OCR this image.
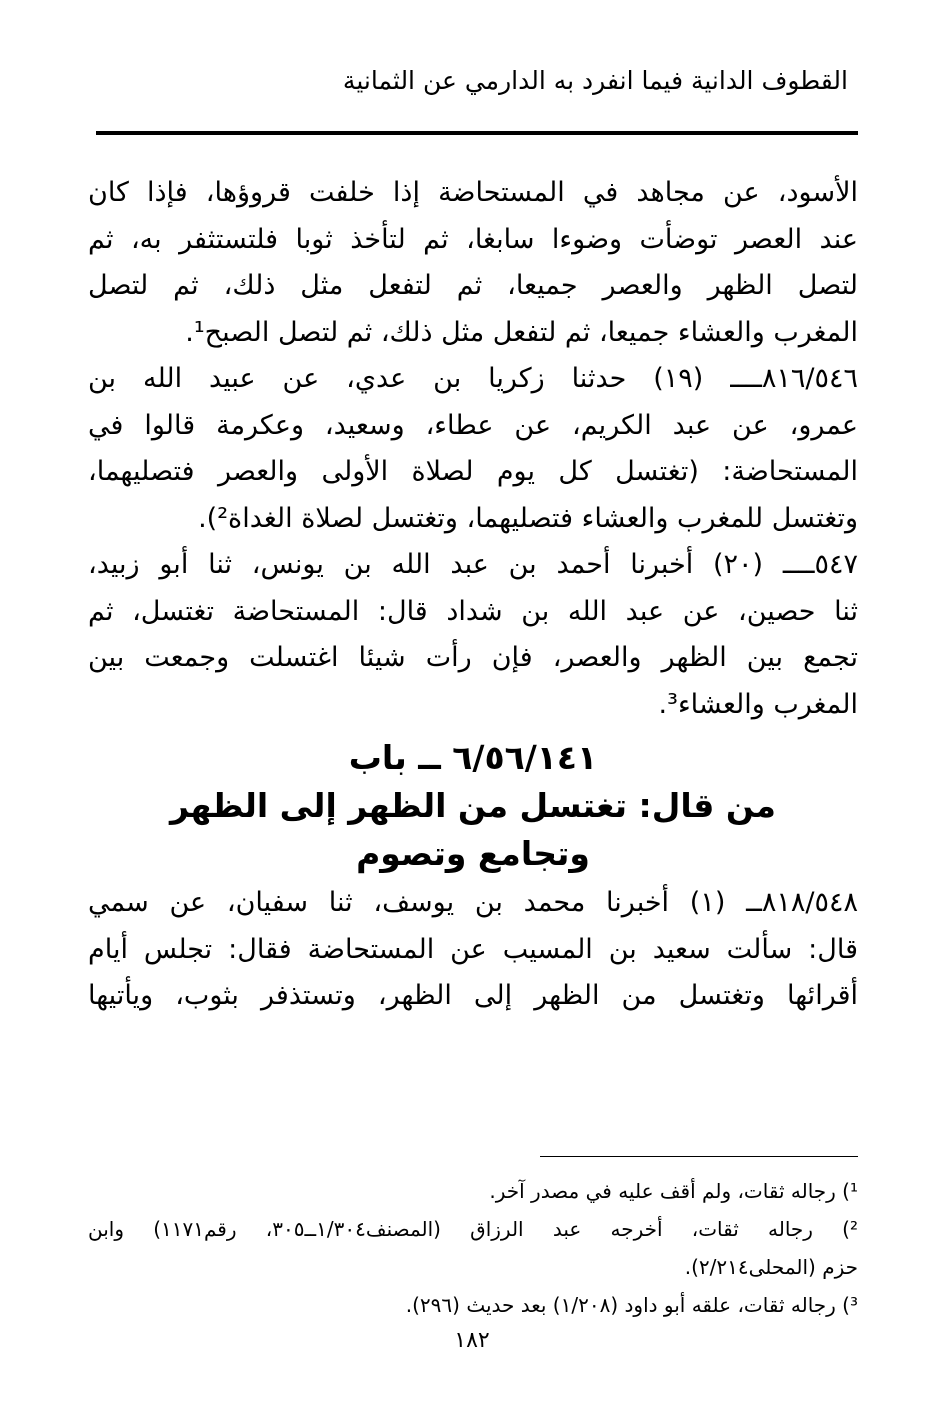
القطوف الدانية فيما انفرد به الدارمي عن الثمانية
الأسود، عن مجاهد في المستحاضة إذا خلفت قروؤها، فإذا كان
عند العصر توضأت وضوءا سابغا، ثم لتأخذ ثوبا فلتستثفر به، ثم
لتصل الظهر والعصر جميعا، ثم لتفعل مثل ذلك، ثم لتصل
المغرب والعشاء جميعا، ثم لتفعل مثل ذلك، ثم لتصل الصبح¹.
٨١٦/٥٤٦ــــ (١٩) حدثنا زكريا بن عدي، عن عبيد الله بن
عمرو، عن عبد الكريم، عن عطاء، وسعيد، وعكرمة قالوا في
المستحاضة: (تغتسل كل يوم لصلاة الأولى والعصر فتصليهما،
وتغتسل للمغرب والعشاء فتصليهما، وتغتسل لصلاة الغداة²).
٥٤٧ــــ (٢٠) أخبرنا أحمد بن عبد الله بن يونس، ثنا أبو زبيد،
ثنا حصين، عن عبد الله بن شداد قال: المستحاضة تغتسل، ثم
تجمع بين الظهر والعصر، فإن رأت شيئا اغتسلت وجمعت بين
المغرب والعشاء³.
٦/٥٦/١٤١ ــ باب
من قال: تغتسل من الظهر إلى الظهر
وتجامع وتصوم
٨١٨/٥٤٨ــ (١) أخبرنا محمد بن يوسف، ثنا سفيان، عن سمي
قال: سألت سعيد بن المسيب عن المستحاضة فقال: تجلس أيام
أقرائها وتغتسل من الظهر إلى الظهر، وتستذفر بثوب، ويأتيها
¹) رجاله ثقات، ولم أقف عليه في مصدر آخر.
²) رجاله ثقات، أخرجه عبد الرزاق (المصنف١/٣٠٤ــ٣٠٥، رقم١١٧١) وابن
حزم (المحلى٢/٢١٤).
³) رجاله ثقات، علقه أبو داود (١/٢٠٨) بعد حديث (٢٩٦).
١٨٢
